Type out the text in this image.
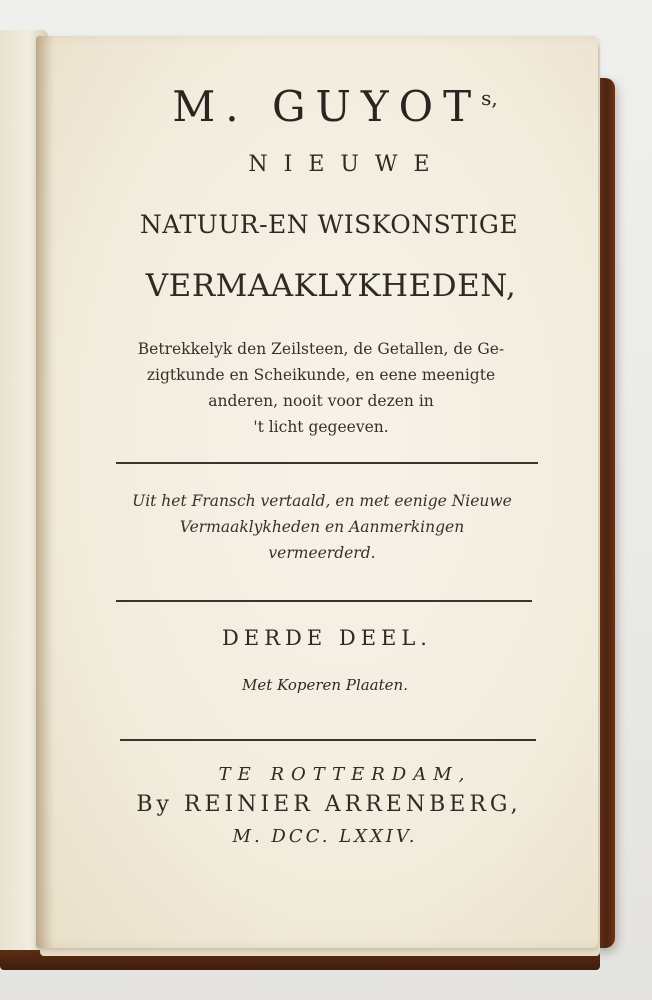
M. $GUYOT^{s,}$
NIEUWE
NATUUR-EN WISKONSTIGE
VERMAAKLYKHEDEN,
Betrekkelyk den Zeilsteen, de Getallen, de Ge-
zigtkunde en Scheikunde, en eene meenigte
anderen, nooit voor dezen in
't licht gegeeven.
Uit het Fransch vertaald, en met eenige Nieuwe
Vermaaklykheden en Aanmerkingen
vermeerderd.
DERDE DEEL.
Met Koperen Plaaten.
TE ROTTERDAM,
By REINIER ARRENBERG,
M. DCC. LXXIV.
